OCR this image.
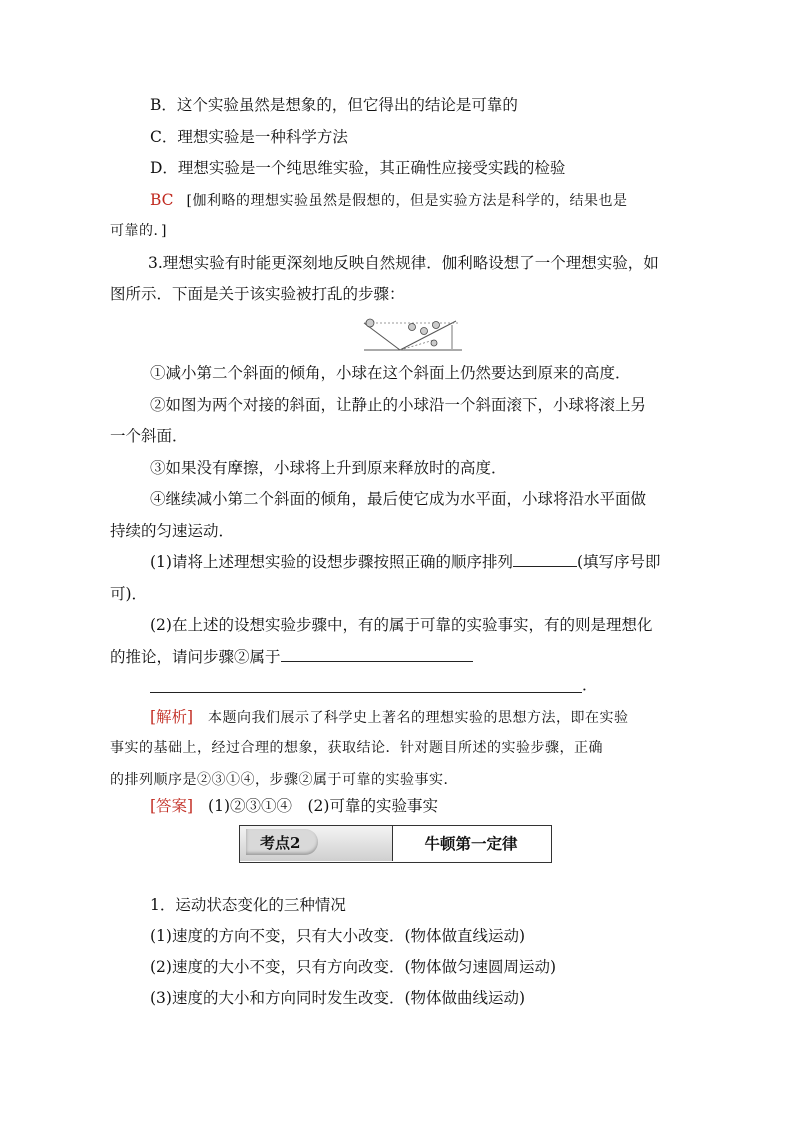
B．这个实验虽然是想象的，但它得出的结论是可靠的
C．理想实验是一种科学方法
D．理想实验是一个纯思维实验，其正确性应接受实践的检验
BC [伽利略的理想实验虽然是假想的，但是实验方法是科学的，结果也是
可靠的．]
3.理想实验有时能更深刻地反映自然规律．伽利略设想了一个理想实验，如
图所示．下面是关于该实验被打乱的步骤：
①减小第二个斜面的倾角，小球在这个斜面上仍然要达到原来的高度．
②如图为两个对接的斜面，让静止的小球沿一个斜面滚下，小球将滚上另
一个斜面．
③如果没有摩擦，小球将上升到原来释放时的高度．
④继续减小第二个斜面的倾角，最后使它成为水平面，小球将沿水平面做
持续的匀速运动．
(1)请将上述理想实验的设想步骤按照正确的顺序排列	(填写序号即
可)．
(2)在上述的设想实验步骤中，有的属于可靠的实验事实，有的则是理想化
的推论，请问步骤②属于
．
[解析] 本题向我们展示了科学史上著名的理想实验的思想方法，即在实验
事实的基础上，经过合理的想象，获取结论．针对题目所述的实验步骤，正确
的排列顺序是②③①④，步骤②属于可靠的实验事实．
[答案] (1)②③①④　(2)可靠的实验事实
考点2	牛顿第一定律
1．运动状态变化的三种情况
(1)速度的方向不变，只有大小改变．(物体做直线运动)
(2)速度的大小不变，只有方向改变．(物体做匀速圆周运动)
(3)速度的大小和方向同时发生改变．(物体做曲线运动)
